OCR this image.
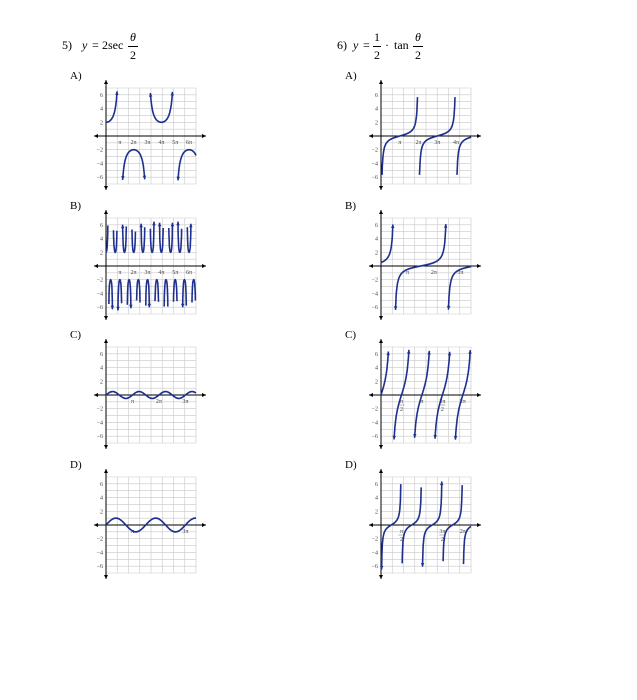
5) y = 2sec
θ
2
6) y =
1
2
· tan
θ
2
A)
B)
C)
D)
A)
B)
C)
D)
6
4
2
−2
−4
−6
π 2π 3π 4π 5π 6π
6
4
2
−2
−4
−6
π 2π 3π 4π 5π 6π
6
4
2
−2
−4
−6
π	2π	3π
6
4
2
−2
−4
−6
π	3π
6
4
2
−2
−4
−6
π 2π 3π 4π
6
4
2
−2
−4
−6
π	2π	3π
6
4
2
−2
−4
−6
π
2
π	3π
2
2π
6
4
2
−2
−4
−6
π
2
3π
2
2π
